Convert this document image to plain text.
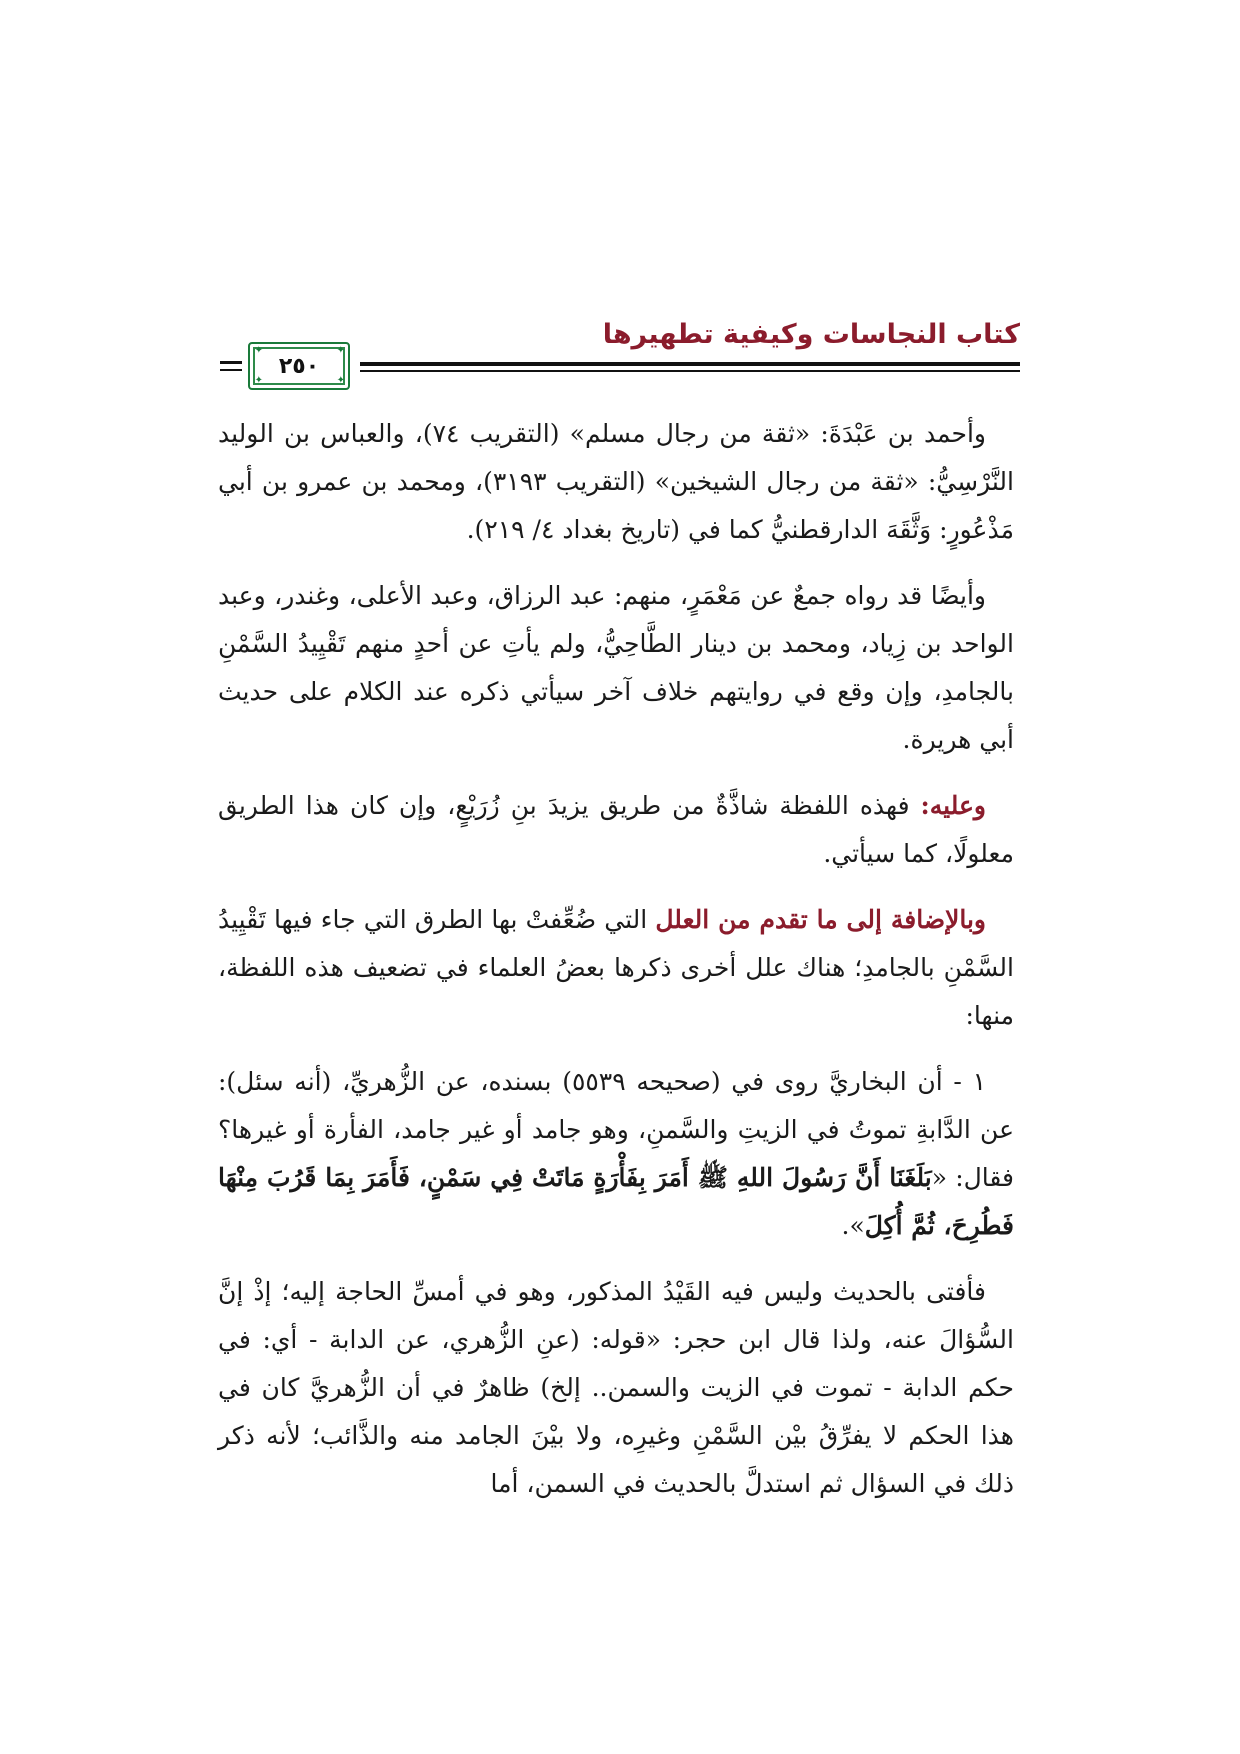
كتاب النجاسات وكيفية تطهيرها
✦	✦
✦	✦
٢٥٠

وأحمد بن عَبْدَةَ: «ثقة من رجال مسلم» (التقريب ٧٤)، والعباس بن الوليد النَّرْسِيُّ: «ثقة من رجال الشيخين» (التقريب ٣١٩٣)، ومحمد بن عمرو بن أبي مَذْعُورٍ: وَثَّقَهَ الدارقطنيُّ كما في (تاريخ بغداد ٤/ ٢١٩).

وأيضًا قد رواه جمعٌ عن مَعْمَرٍ، منهم: عبد الرزاق، وعبد الأعلى، وغندر، وعبد الواحد بن زِياد، ومحمد بن دينار الطَّاحِيُّ، ولم يأتِ عن أحدٍ منهم تَقْيِيدُ السَّمْنِ بالجامدِ، وإن وقع في روايتهم خلاف آخر سيأتي ذكره عند الكلام على حديث أبي هريرة.

وعليه: فهذه اللفظة شاذَّةٌ من طريق يزيدَ بنِ زُرَيْعٍ، وإن كان هذا الطريق معلولًا، كما سيأتي.

وبالإضافة إلى ما تقدم من العلل التي ضُعِّفتْ بها الطرق التي جاء فيها تَقْيِيدُ السَّمْنِ بالجامدِ؛ هناك علل أخرى ذكرها بعضُ العلماء في تضعيف هذه اللفظة، منها:

١ - أن البخاريَّ روى في (صحيحه ٥٥٣٩) بسنده، عن الزُّهريِّ، (أنه سئل): عن الدَّابةِ تموتُ في الزيتِ والسَّمنِ، وهو جامد أو غير جامد، الفأرة أو غيرها؟ فقال: «بَلَغَنَا أَنَّ رَسُولَ اللهِ ﷺ أَمَرَ بِفَأْرَةٍ مَاتَتْ فِي سَمْنٍ، فَأَمَرَ بِمَا قَرُبَ مِنْهَا فَطُرِحَ، ثُمَّ أُكِلَ».

فأفتى بالحديث وليس فيه القَيْدُ المذكور، وهو في أمسِّ الحاجة إليه؛ إذْ إنَّ السُّؤالَ عنه، ولذا قال ابن حجر: «قوله: (عنِ الزُّهري، عن الدابة - أي: في حكم الدابة - تموت في الزيت والسمن.. إلخ) ظاهرٌ في أن الزُّهريَّ كان في هذا الحكم لا يفرِّقُ بيْن السَّمْنِ وغيرِه، ولا بيْنَ الجامد منه والذَّائب؛ لأنه ذكر ذلك في السؤال ثم استدلَّ بالحديث في السمن، أما
